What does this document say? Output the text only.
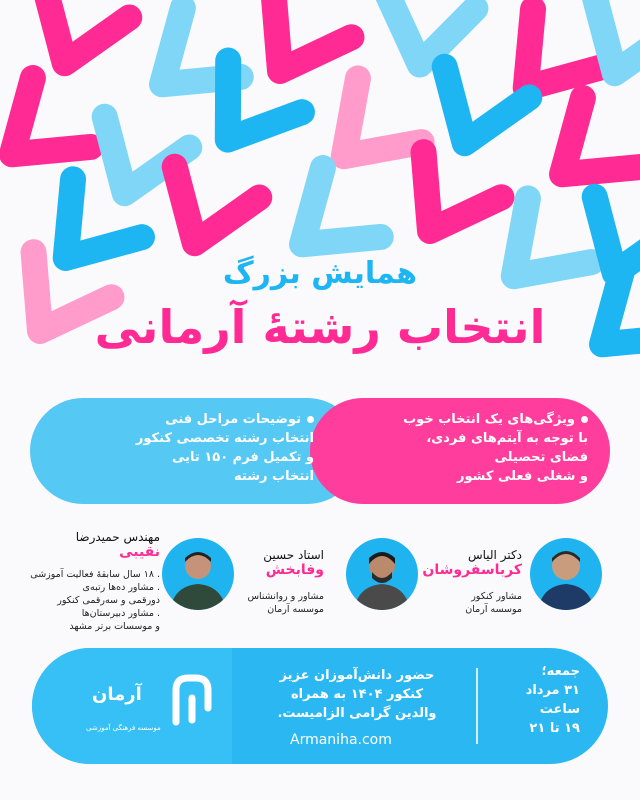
همایش بزرگ
انتخاب رشتهٔ آرمانی
ویژگی‌های یک انتخاب خوب
با توجه به آیتم‌های فردی،
فضای تحصیلی
و شغلی فعلی کشور
توضیحات مراحل فنی
انتخاب رشته تخصصی کنکور
و تکمیل فرم ۱۵۰ تایی
انتخاب رشته
دکتر الیاس
کرباسفروشان
مشاور کنکور
موسسه آرمان
استاد حسین
وفابخش
مشاور و روانشناس
موسسه آرمان
مهندس حمیدرضا
نقیبی
. ۱۸ سال سابقهٔ فعالیت آموزشی
. مشاور ده‌ها رتبه‌ی
دورقمی و سه‌رقمی کنکور
. مشاور دبیرستان‌ها
و موسسات برتر مشهد
آرمان
موسسه فرهنگی آموزشی
حضور دانش‌آموزان عزیز
کنکور ۱۴۰۴ به همراه
والدین گرامی الزامیست.
Armaniha.com
جمعه؛
۳۱ مرداد
ساعت
۱۹ تا ۲۱
